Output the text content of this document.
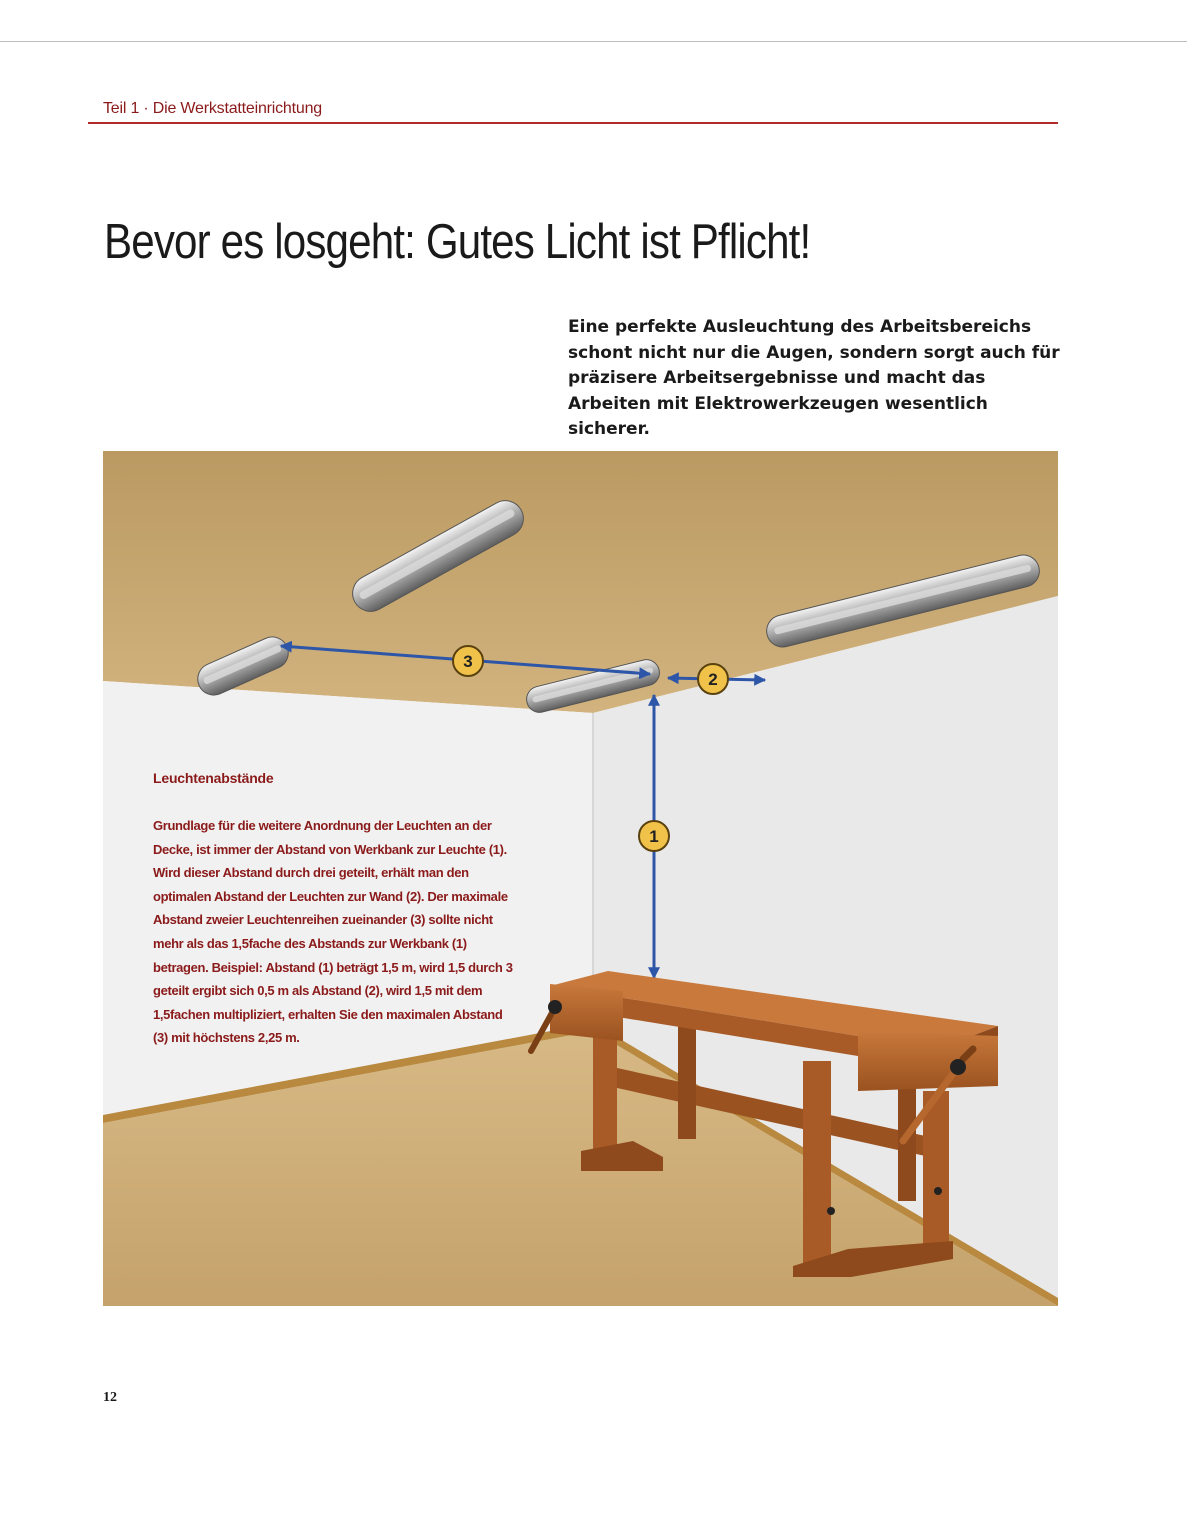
Teil 1 · Die Werkstatteinrichtung
Bevor es losgeht: Gutes Licht ist Pflicht!

Eine perfekte Ausleuchtung des Arbeitsbereichs schont nicht nur die Augen, sondern sorgt auch für präzisere Arbeitsergebnisse und macht das Arbeiten mit Elektrowerkzeugen wesentlich sicherer.

3
2
1
Leuchtenabstände

Grundlage für die weitere Anordnung der Leuchten an der Decke, ist immer der Abstand von Werkbank zur Leuchte (1). Wird dieser Abstand durch drei geteilt, erhält man den optimalen Abstand der Leuchten zur Wand (2). Der maximale Abstand zweier Leuchtenreihen zueinander (3) sollte nicht mehr als das 1,5fache des Abstands zur Werkbank (1) betragen. Beispiel: Abstand (1) beträgt 1,5 m, wird 1,5 durch 3 geteilt ergibt sich 0,5 m als Abstand (2), wird 1,5 mit dem 1,5fachen multipliziert, erhalten Sie den maximalen Abstand (3) mit höchstens 2,25 m.

12
